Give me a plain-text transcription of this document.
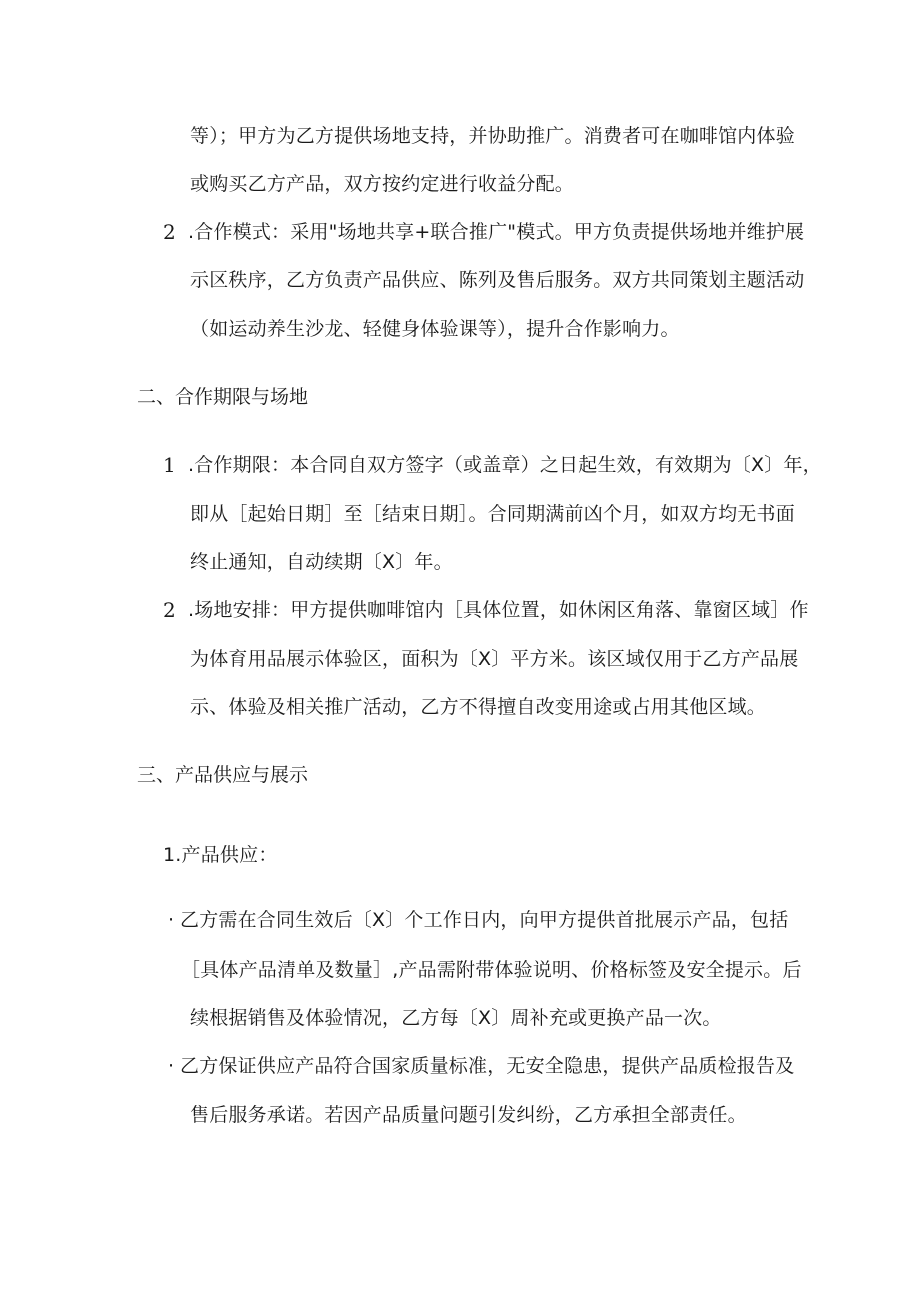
等）；甲方为乙方提供场地支持，并协助推广。消费者可在咖啡馆内体验
或购买乙方产品，双方按约定进行收益分配。
2 .合作模式：采用"场地共享+联合推广"模式。甲方负责提供场地并维护展
示区秩序，乙方负责产品供应、陈列及售后服务。双方共同策划主题活动
（如运动养生沙龙、轻健身体验课等），提升合作影响力。
二、合作期限与场地
1 .合作期限：本合同自双方签字（或盖章）之日起生效，有效期为〔X〕年，
即从［起始日期］至［结束日期］。合同期满前凶个月，如双方均无书面
终止通知，自动续期〔X〕年。
2 .场地安排：甲方提供咖啡馆内［具体位置，如休闲区角落、靠窗区域］作
为体育用品展示体验区，面积为〔X〕平方米。该区域仅用于乙方产品展
示、体验及相关推广活动，乙方不得擅自改变用途或占用其他区域。
三、产品供应与展示
1.产品供应：
· 乙方需在合同生效后〔X〕个工作日内，向甲方提供首批展示产品，包括
［具体产品清单及数量］,产品需附带体验说明、价格标签及安全提示。后
续根据销售及体验情况，乙方每〔X〕周补充或更换产品一次。
· 乙方保证供应产品符合国家质量标准，无安全隐患，提供产品质检报告及
售后服务承诺。若因产品质量问题引发纠纷，乙方承担全部责任。
